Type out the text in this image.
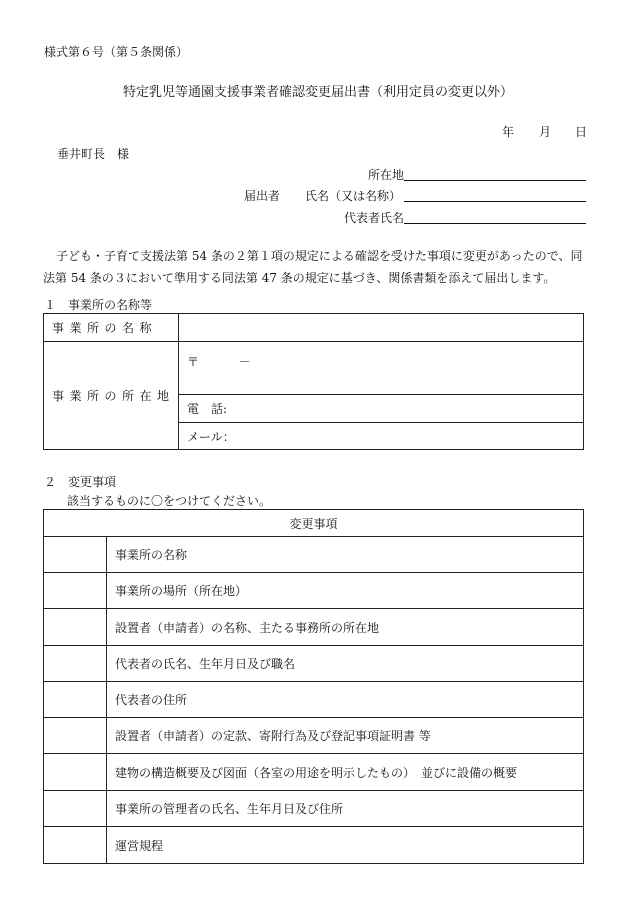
様式第６号（第５条関係）
特定乳児等通園支援事業者確認変更届出書（利用定員の変更以外）
年 月 日
垂井町長　様
所在地
届出者 氏名（又は名称）
代表者氏名
子ども・子育て支援法第 54 条の２第１項の規定による確認を受けた事項に変更があったので、同
法第 54 条の３において準用する同法第 47 条の規定に基づき、関係書類を添えて届出します。
１　事業所の名称等
事業所の名称	
事業所の所在地	〒 －
	電　話:
	メール：
２　変更事項
該当するものに〇をつけてください。
変更事項	
	事業所の名称
	事業所の場所（所在地）
	設置者（申請者）の名称、主たる事務所の所在地
	代表者の氏名、生年月日及び職名
	代表者の住所
	設置者（申請者）の定款、寄附行為及び登記事項証明書 等
	建物の構造概要及び図面（各室の用途を明示したもの）　並びに設備の概要
	事業所の管理者の氏名、生年月日及び住所
	運営規程
